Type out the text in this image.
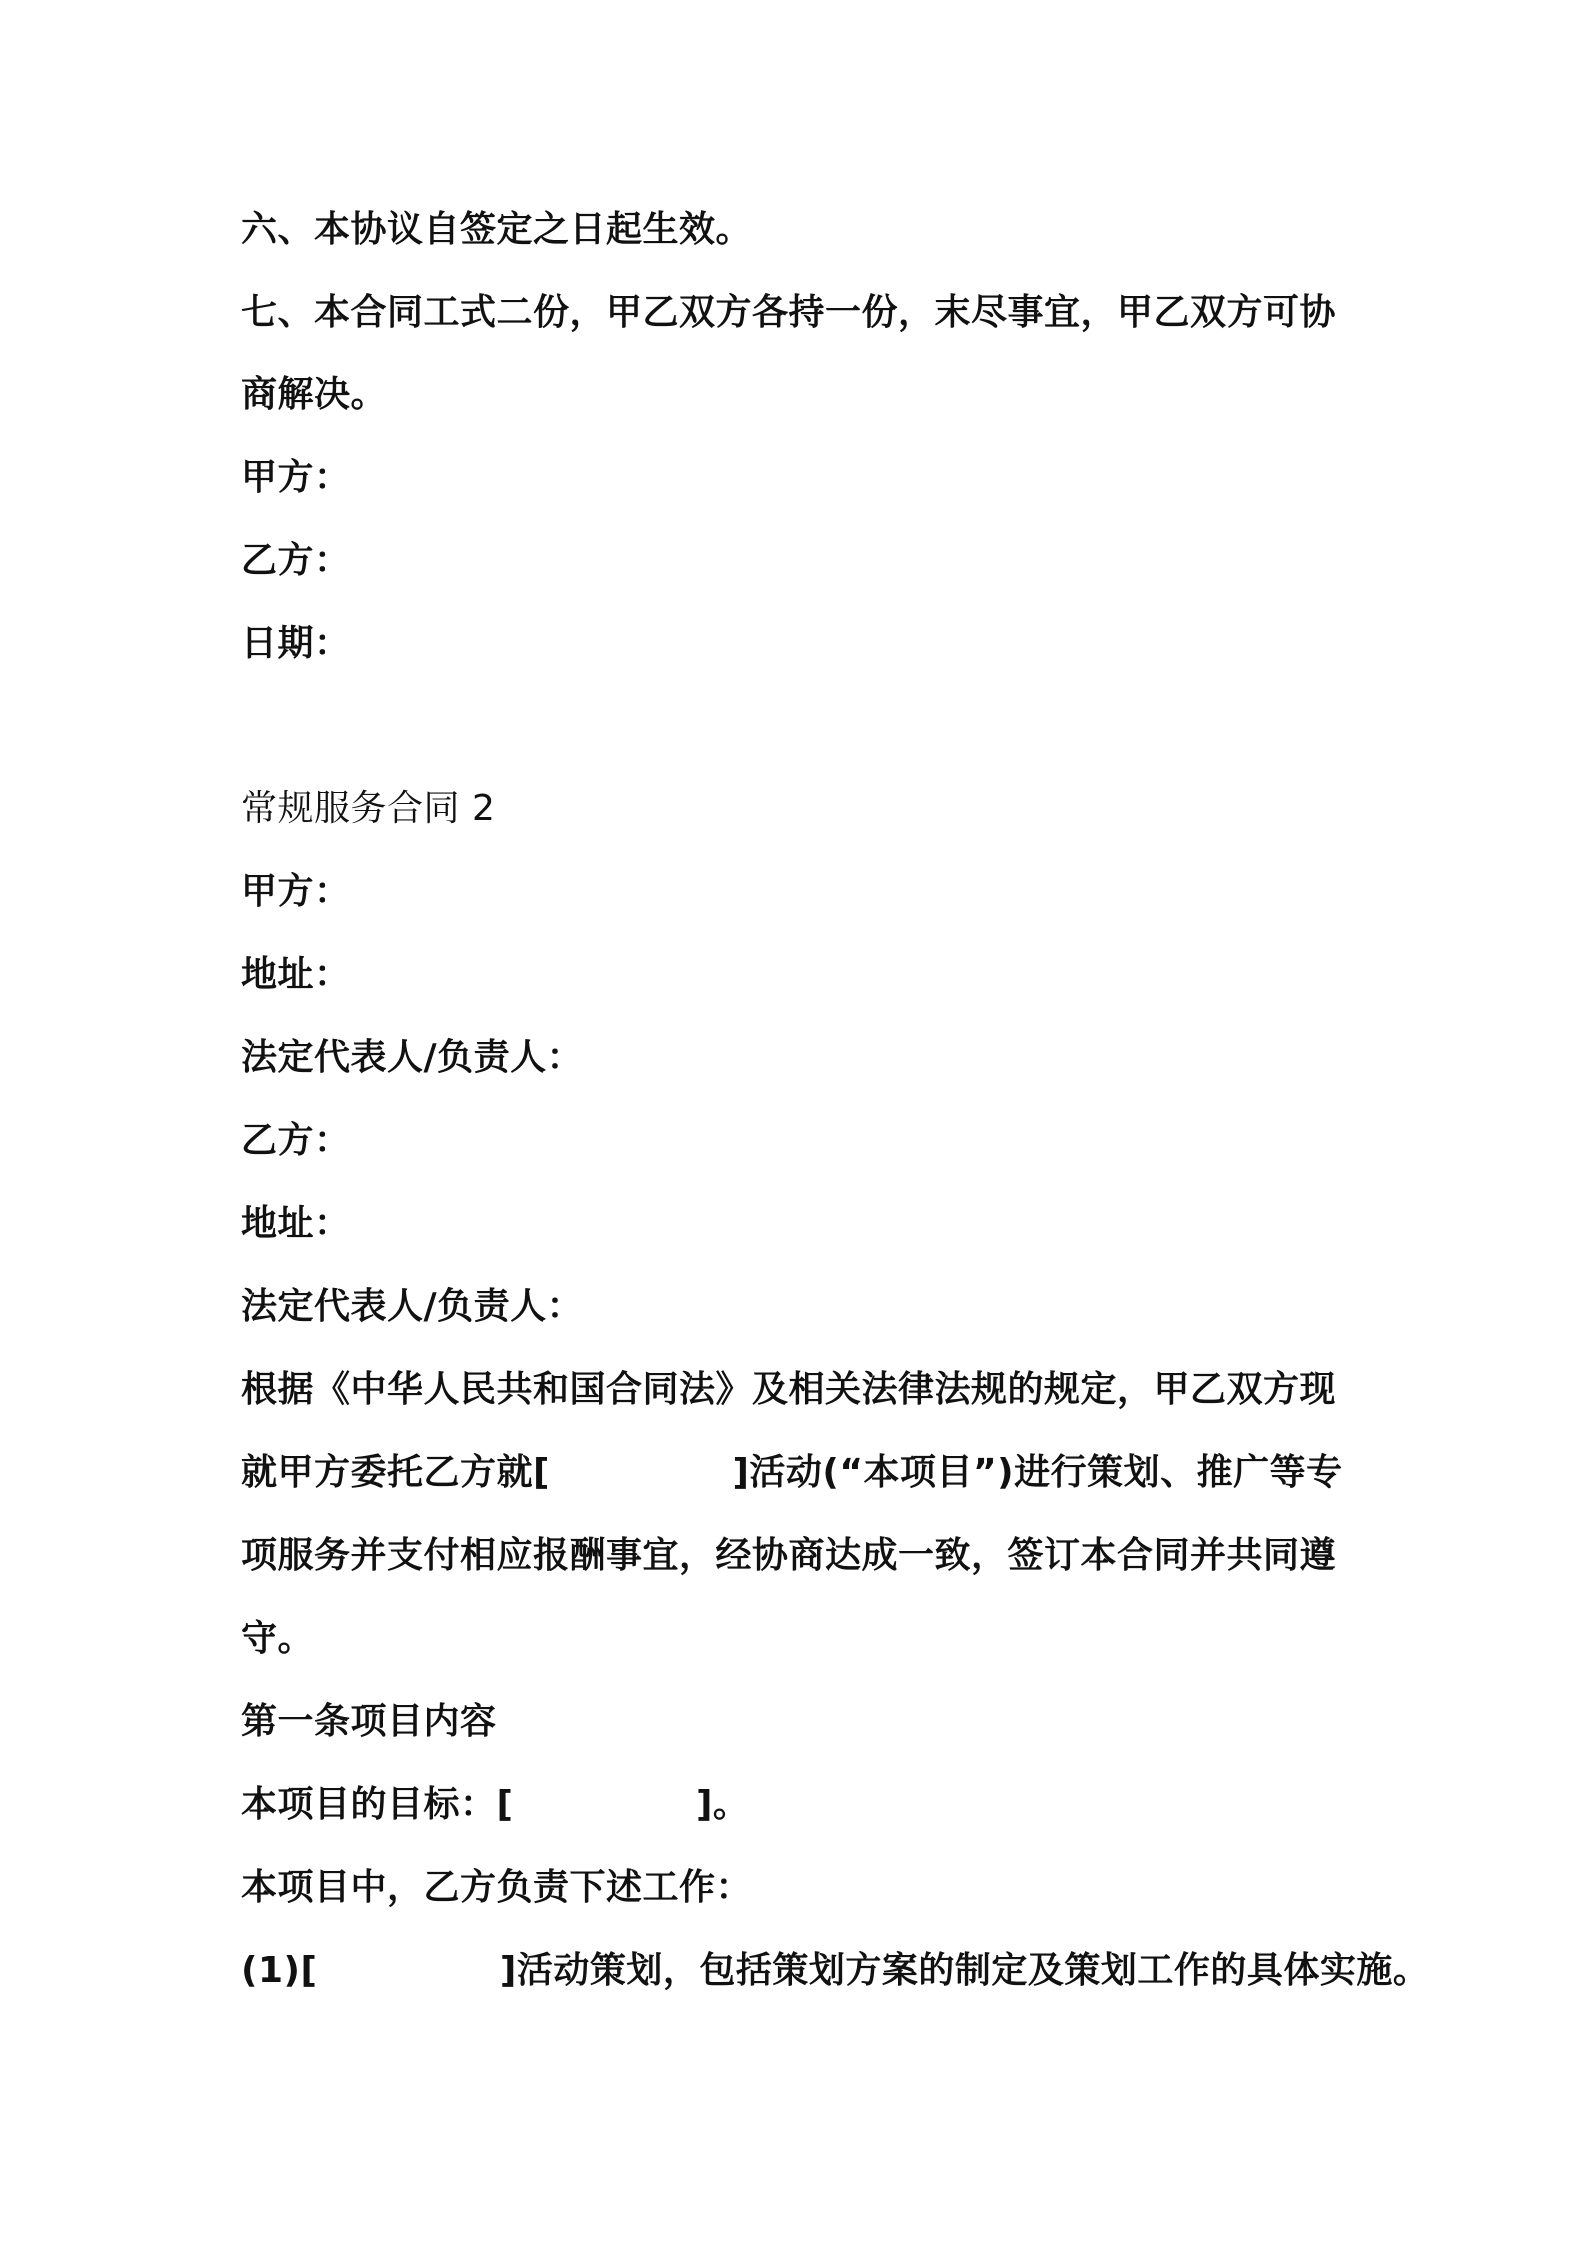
六、本协议自签定之日起生效。
七、本合同工式二份，甲乙双方各持一份，末尽事宜，甲乙双方可协
商解决。
甲方：
乙方：
日期：
常规服务合同 2
甲方：
地址：
法定代表人/负责人：
乙方：
地址：
法定代表人/负责人：
根据《中华人民共和国合同法》及相关法律法规的规定，甲乙双方现
就甲方委托乙方就[　　　　　]活动(“本项目”)进行策划、推广等专
项服务并支付相应报酬事宜，经协商达成一致，签订本合同并共同遵
守。
第一条项目内容
本项目的目标：[　　　　　]。
本项目中，乙方负责下述工作：
(1)[　　　　　]活动策划，包括策划方案的制定及策划工作的具体实施。
